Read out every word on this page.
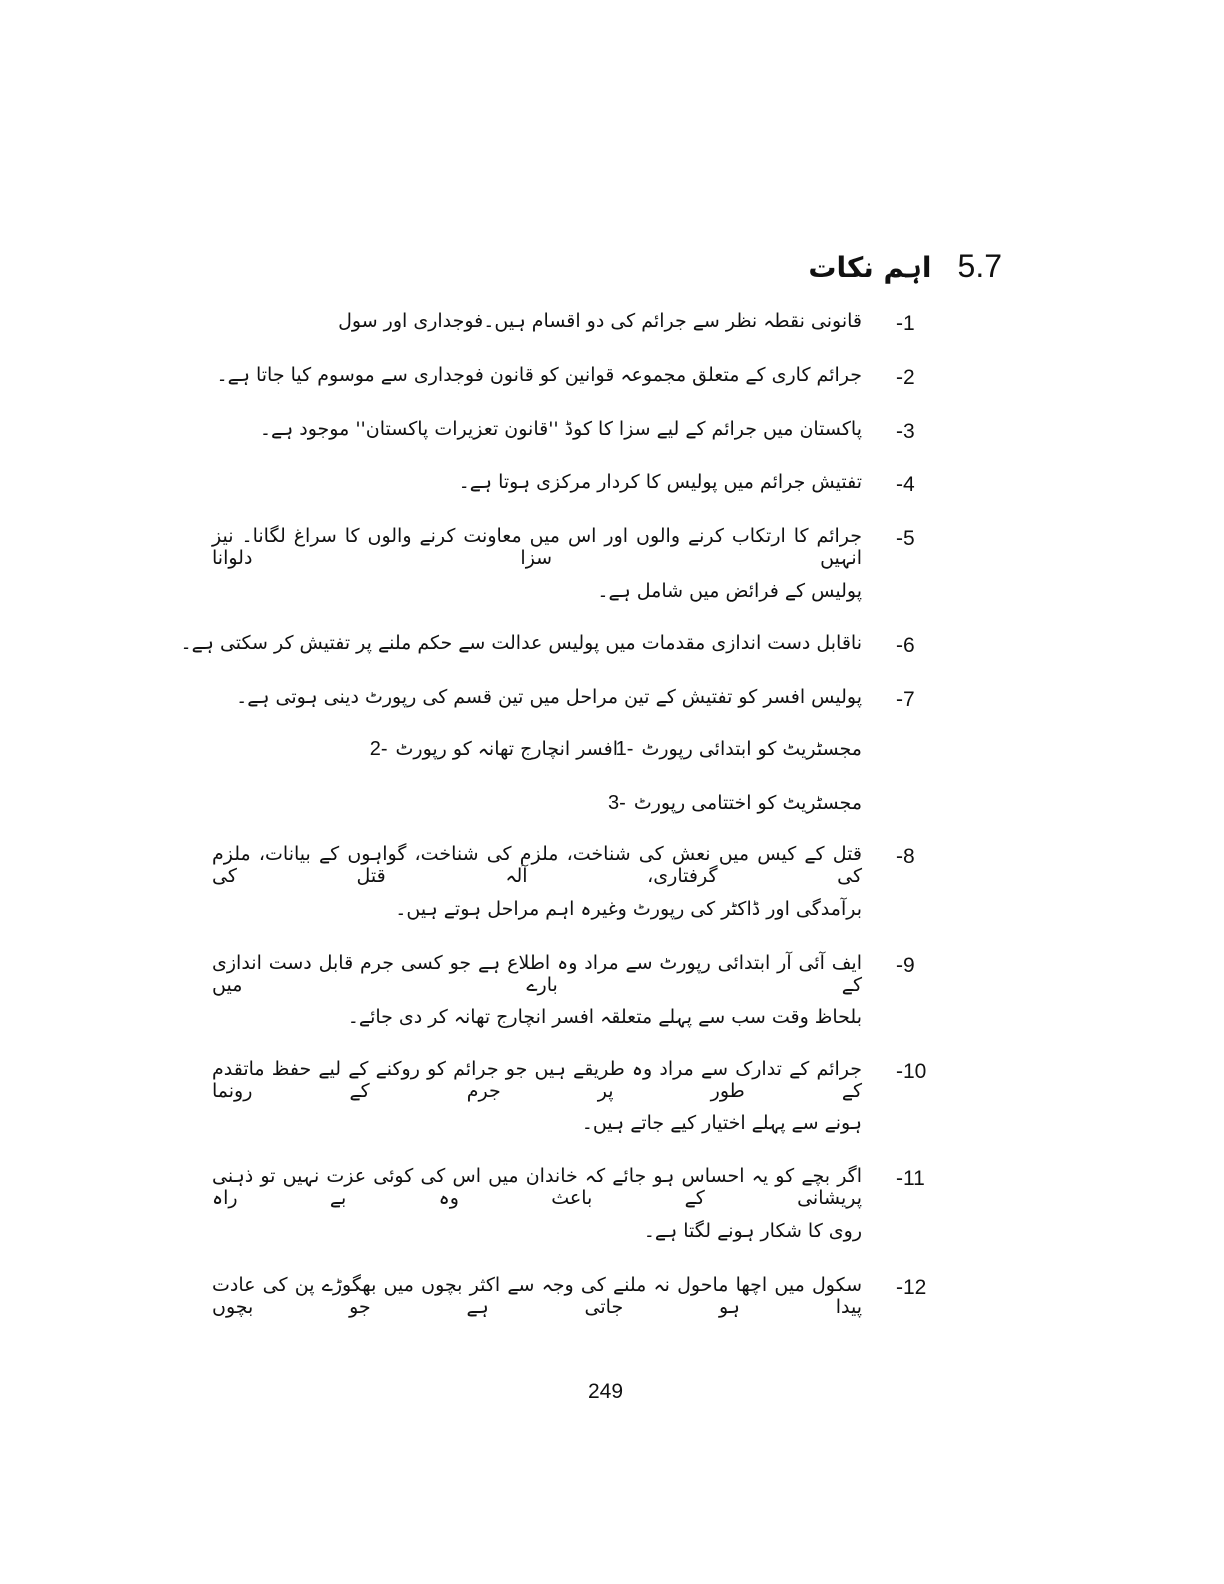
5.7
اہم نکات
-1
قانونی نقطہ نظر سے جرائم کی دو اقسام ہیں۔فوجداری اور سول
-2
جرائم کاری کے متعلق مجموعہ قوانین کو قانون فوجداری سے موسوم کیا جاتا ہے۔
-3
پاکستان میں جرائم کے لیے سزا کا کوڈ ''قانون تعزیرات پاکستان'' موجود ہے۔
-4
تفتیش جرائم میں پولیس کا کردار مرکزی ہوتا ہے۔
-5
جرائم کا ارتکاب کرنے والوں اور اس میں معاونت کرنے والوں کا سراغ لگانا۔ نیز انہیں سزا دلوانا
پولیس کے فرائض میں شامل ہے۔
-6
ناقابل دست اندازی مقدمات میں پولیس عدالت سے حکم ملنے پر تفتیش کر سکتی ہے۔
-7
پولیس افسر کو تفتیش کے تین مراحل میں تین قسم کی رپورٹ دینی ہوتی ہے۔
1- مجسٹریٹ کو ابتدائی رپورٹ
2- افسر انچارج تھانہ کو رپورٹ
3- مجسٹریٹ کو اختتامی رپورٹ
-8
قتل کے کیس میں نعش کی شناخت، ملزم کی شناخت، گواہوں کے بیانات، ملزم کی گرفتاری، آلہ قتل کی
برآمدگی اور ڈاکٹر کی رپورٹ وغیرہ اہم مراحل ہوتے ہیں۔
-9
ایف آئی آر ابتدائی رپورٹ سے مراد وہ اطلاع ہے جو کسی جرم قابل دست اندازی کے بارے میں
بلحاظ وقت سب سے پہلے متعلقہ افسر انچارج تھانہ کر دی جائے۔
-10
جرائم کے تدارک سے مراد وہ طریقے ہیں جو جرائم کو روکنے کے لیے حفظ ماتقدم کے طور پر جرم کے رونما
ہونے سے پہلے اختیار کیے جاتے ہیں۔
-11
اگر بچے کو یہ احساس ہو جائے کہ خاندان میں اس کی کوئی عزت نہیں تو ذہنی پریشانی کے باعث وہ بے راہ
روی کا شکار ہونے لگتا ہے۔
-12
سکول میں اچھا ماحول نہ ملنے کی وجہ سے اکثر بچوں میں بھگوڑے پن کی عادت پیدا ہو جاتی ہے جو بچوں
249
